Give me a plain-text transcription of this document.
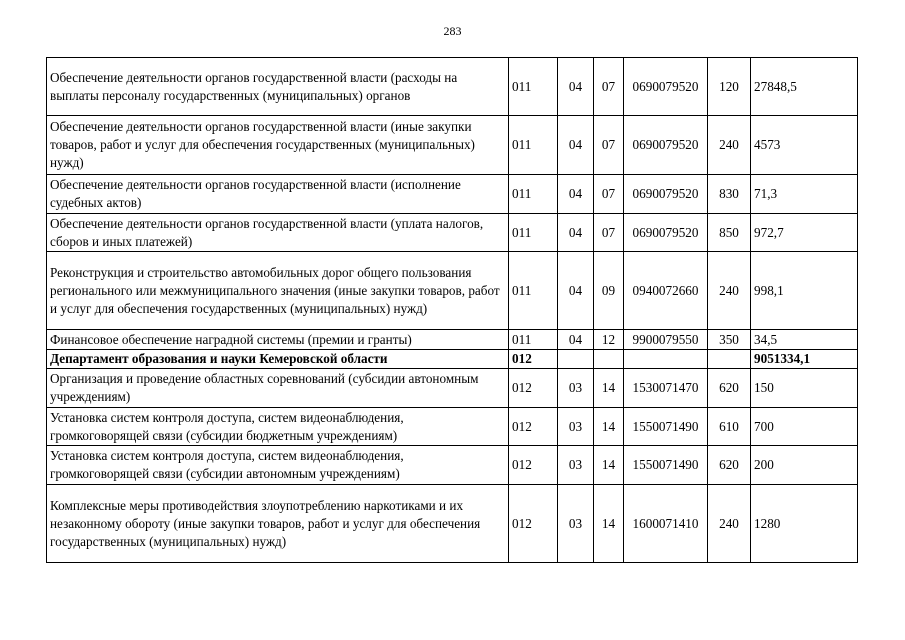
283
Обеспечение деятельности органов государственной власти (расходы на выплаты персоналу государственных (муниципальных) органов	011	04	07	0690079520	120	27848,5
Обеспечение деятельности органов государственной власти (иные закупки товаров, работ и услуг для обеспечения государственных (муниципальных) нужд)	011	04	07	0690079520	240	4573
Обеспечение деятельности органов государственной власти (исполнение судебных актов)	011	04	07	0690079520	830	71,3
Обеспечение деятельности органов государственной власти (уплата налогов, сборов и иных платежей)	011	04	07	0690079520	850	972,7
Реконструкция и строительство автомобильных дорог общего пользования регионального или межмуниципального значения (иные закупки товаров, работ и услуг для обеспечения государственных (муниципальных) нужд)	011	04	09	0940072660	240	998,1
Финансовое обеспечение наградной системы (премии и гранты)	011	04	12	9900079550	350	34,5
Департамент образования и науки Кемеровской области	012					9051334,1
Организация и проведение областных соревнований (субсидии автономным учреждениям)	012	03	14	1530071470	620	150
Установка систем контроля доступа, систем видеонаблюдения, громкоговорящей связи (субсидии бюджетным учреждениям)	012	03	14	1550071490	610	700
Установка систем контроля доступа, систем видеонаблюдения, громкоговорящей связи (субсидии автономным учреждениям)	012	03	14	1550071490	620	200
Комплексные меры противодействия злоупотреблению наркотиками и их незаконному обороту (иные закупки товаров, работ и услуг для обеспечения государственных (муниципальных) нужд)	012	03	14	1600071410	240	1280
